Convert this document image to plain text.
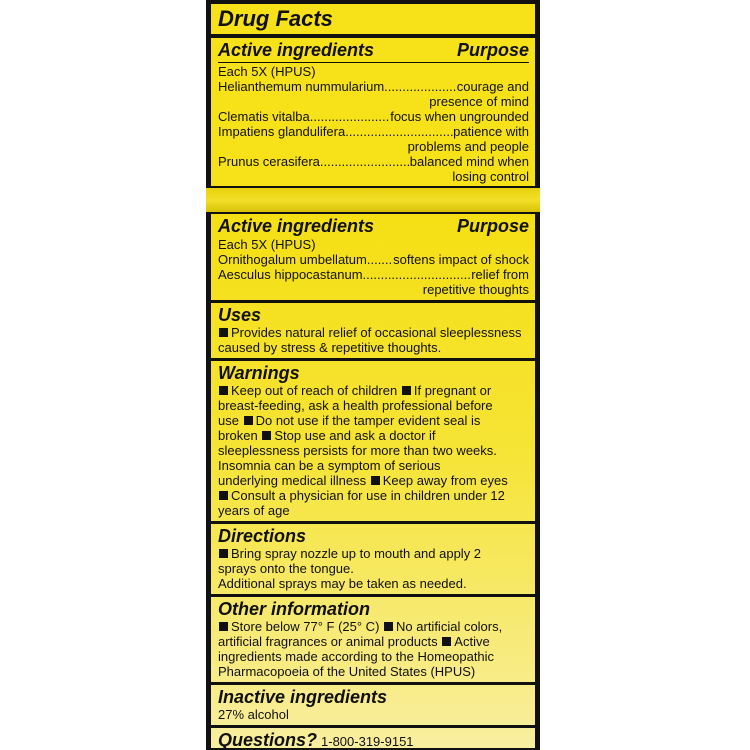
Drug Facts
Active ingredients	Purpose
Each 5X (HPUS)
Helianthemum nummularium .....	courage and
presence of mind
Clematis vitalba .....	focus when ungrounded
Impatiens glandulifera .....	patience with
problems and people
Prunus cerasifera .....	balanced mind when
losing control
Active ingredients	Purpose
Each 5X (HPUS)
Ornithogalum umbellatum ..... softens impact of shock
Aesculus hippocastanum .....	relief from
repetitive thoughts
Uses
Provides natural relief of occasional sleeplessness
caused by stress & repetitive thoughts.
Warnings
Keep out of reach of children If pregnant or
breast-feeding, ask a health professional before
use Do not use if the tamper evident seal is
broken Stop use and ask a doctor if
sleeplessness persists for more than two weeks.
Insomnia can be a symptom of serious
underlying medical illness Keep away from eyes
Consult a physician for use in children under 12
years of age
Directions
Bring spray nozzle up to mouth and apply 2
sprays onto the tongue.
Additional sprays may be taken as needed.
Other information
Store below 77° F (25° C) No artificial colors,
artificial fragrances or animal products Active
ingredients made according to the Homeopathic
Pharmacopoeia of the United States (HPUS)
Inactive ingredients
27% alcohol
Questions? 1-800-319-9151
